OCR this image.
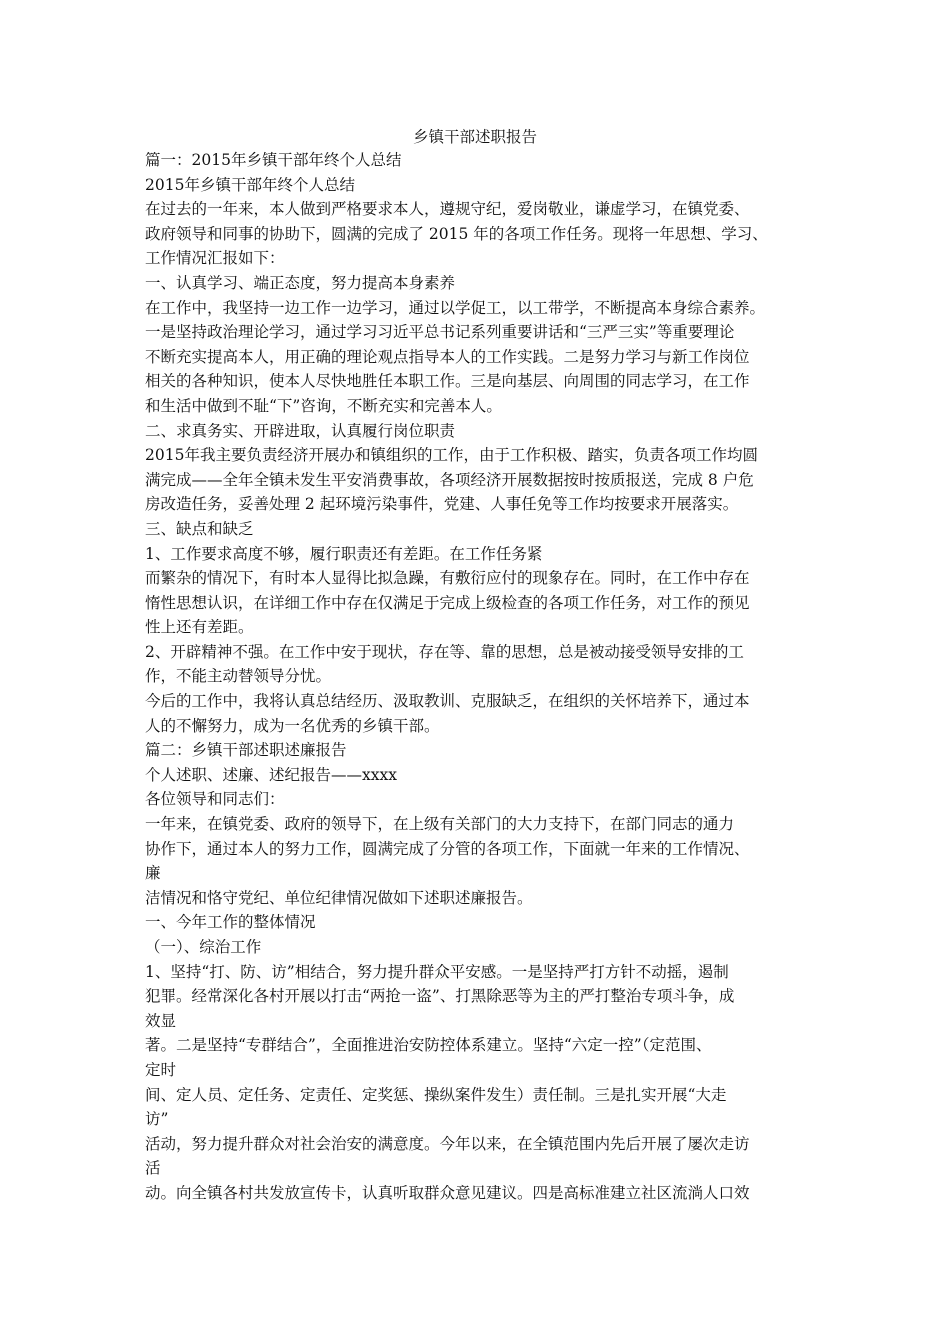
乡镇干部述职报告
篇一：2015年乡镇干部年终个人总结
2015年乡镇干部年终个人总结
在过去的一年来，本人做到严格要求本人，遵规守纪，爱岗敬业，谦虚学习，在镇党委、
政府领导和同事的协助下，圆满的完成了 2015 年的各项工作任务。现将一年思想、学习、
工作情况汇报如下：
一、认真学习、端正态度，努力提高本身素养
在工作中，我坚持一边工作一边学习，通过以学促工，以工带学，不断提高本身综合素养。
一是坚持政治理论学习，通过学习习近平总书记系列重要讲话和“三严三实”等重要理论
不断充实提高本人，用正确的理论观点指导本人的工作实践。二是努力学习与新工作岗位
相关的各种知识，使本人尽快地胜任本职工作。三是向基层、向周围的同志学习，在工作
和生活中做到不耻“下”咨询，不断充实和完善本人。
二、求真务实、开辟进取，认真履行岗位职责
2015年我主要负责经济开展办和镇组织的工作，由于工作积极、踏实，负责各项工作均圆
满完成——全年全镇未发生平安消费事故，各项经济开展数据按时按质报送，完成 8 户危
房改造任务，妥善处理 2 起环境污染事件，党建、人事任免等工作均按要求开展落实。
三、缺点和缺乏
1、工作要求高度不够，履行职责还有差距。在工作任务紧
而繁杂的情况下，有时本人显得比拟急躁，有敷衍应付的现象存在。同时，在工作中存在
惰性思想认识，在详细工作中存在仅满足于完成上级检查的各项工作任务，对工作的预见
性上还有差距。
2、开辟精神不强。在工作中安于现状，存在等、靠的思想，总是被动接受领导安排的工
作，不能主动替领导分忧。
今后的工作中，我将认真总结经历、汲取教训、克服缺乏，在组织的关怀培养下，通过本
人的不懈努力，成为一名优秀的乡镇干部。
篇二：乡镇干部述职述廉报告
个人述职、述廉、述纪报告——xxxx
各位领导和同志们：
一年来，在镇党委、政府的领导下，在上级有关部门的大力支持下，在部门同志的通力
协作下，通过本人的努力工作，圆满完成了分管的各项工作，下面就一年来的工作情况、
廉
洁情况和恪守党纪、单位纪律情况做如下述职述廉报告。
一、今年工作的整体情况
（一）、综治工作
1、坚持“打、防、访”相结合，努力提升群众平安感。一是坚持严打方针不动摇，遏制
犯罪。经常深化各村开展以打击“两抢一盗”、打黑除恶等为主的严打整治专项斗争，成
效显
著。二是坚持“专群结合”，全面推进治安防控体系建立。坚持“六定一控”（定范围、
定时
间、定人员、定任务、定责任、定奖惩、操纵案件发生）责任制。三是扎实开展“大走
访”
活动，努力提升群众对社会治安的满意度。今年以来，在全镇范围内先后开展了屡次走访
活
动。向全镇各村共发放宣传卡，认真听取群众意见建议。四是高标准建立社区流淌人口效
